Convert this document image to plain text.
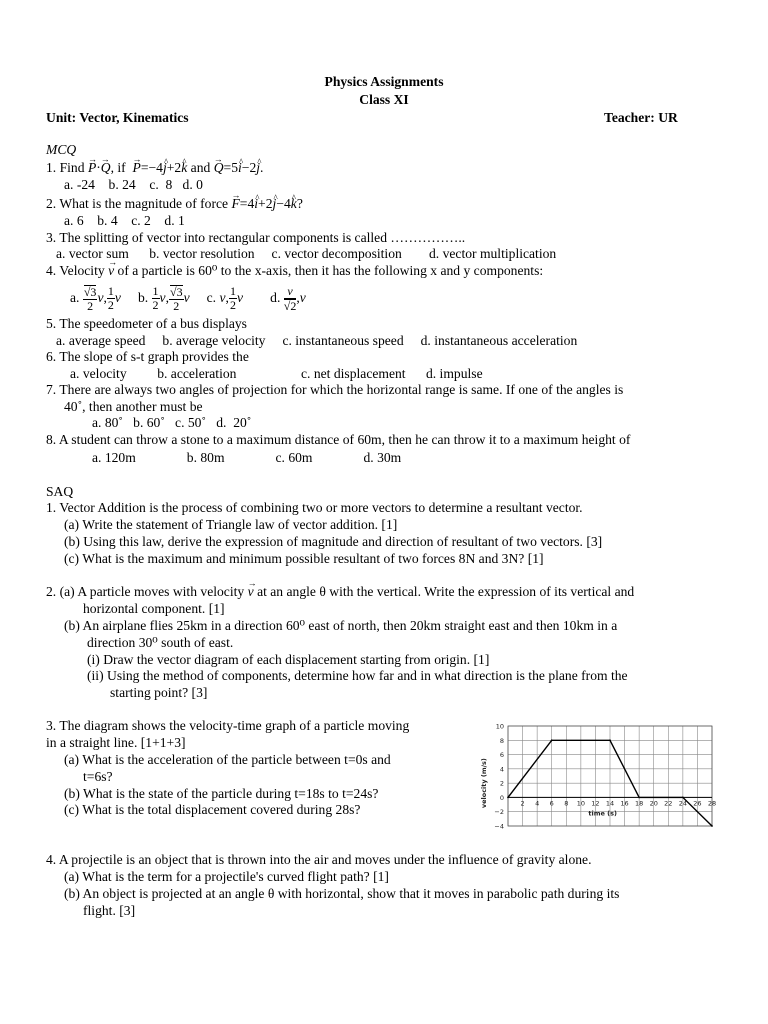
Physics Assignments
Class XI
Unit: Vector, Kinematics	Teacher: UR
MCQ
1. Find → P·→ Q, if → P=−4^ j+2^ k and → Q=5^ i−2^ j.
a. -24    b. 24    c.  8   d. 0
2. What is the magnitude of force → F=4^ i+2^ j−4^ k?
a. 6    b. 4    c. 2    d. 1
3. The splitting of vector into rectangular components is called ……………..
a. vector sum      b. vector resolution     c. vector decomposition        d. vector multiplication
4. Velocity → v of a particle is 60⁰ to the x-axis, then it has the following x and y components:
a. $\frac{√3}{2} v$, $\frac{1}{2}$ v b. $\frac{1}{2} v$, $\frac{√3}{2}$ v c. v, $\frac{1}{2}$ v d. $\frac{v}{√2} ,v$
5. The speedometer of a bus displays
a. average speed     b. average velocity     c. instantaneous speed     d. instantaneous acceleration
6. The slope of s-t graph provides the
a. velocity         b. acceleration                   c. net displacement      d. impulse
7. There are always two angles of projection for which the horizontal range is same. If one of the angles is
40˚, then another must be
a. 80˚   b. 60˚   c. 50˚   d.  20˚
8. A student can throw a stone to a maximum distance of 60m, then he can throw it to a maximum height of
a. 120m               b. 80m               c. 60m               d. 30m
SAQ
1. Vector Addition is the process of combining two or more vectors to determine a resultant vector.
(a) Write the statement of Triangle law of vector addition. [1]
(b) Using this law, derive the expression of magnitude and direction of resultant of two vectors. [3]
(c) What is the maximum and minimum possible resultant of two forces 8N and 3N? [1]
2. (a) A particle moves with velocity → v at an angle θ with the vertical. Write the expression of its vertical and
horizontal component. [1]
(b) An airplane flies 25km in a direction 60⁰ east of north, then 20km straight east and then 10km in a
direction 30⁰ south of east.
(i) Draw the vector diagram of each displacement starting from origin. [1]
(ii) Using the method of components, determine how far and in what direction is the plane from the
starting point? [3]
3. The diagram shows the velocity-time graph of a particle moving
in a straight line. [1+1+3]
(a) What is the acceleration of the particle between t=0s and
t=6s?
(b) What is the state of the particle during t=18s to t=24s?
(c) What is the total displacement covered during 28s?
10
8
6
4
2
0
−2
−4
2 4 6 8 10 12 14 16 18 20 22 24 26 28
time (s)
velocity (m/s)
4. A projectile is an object that is thrown into the air and moves under the influence of gravity alone.
(a) What is the term for a projectile's curved flight path? [1]
(b) An object is projected at an angle θ with horizontal, show that it moves in parabolic path during its
flight. [3]
